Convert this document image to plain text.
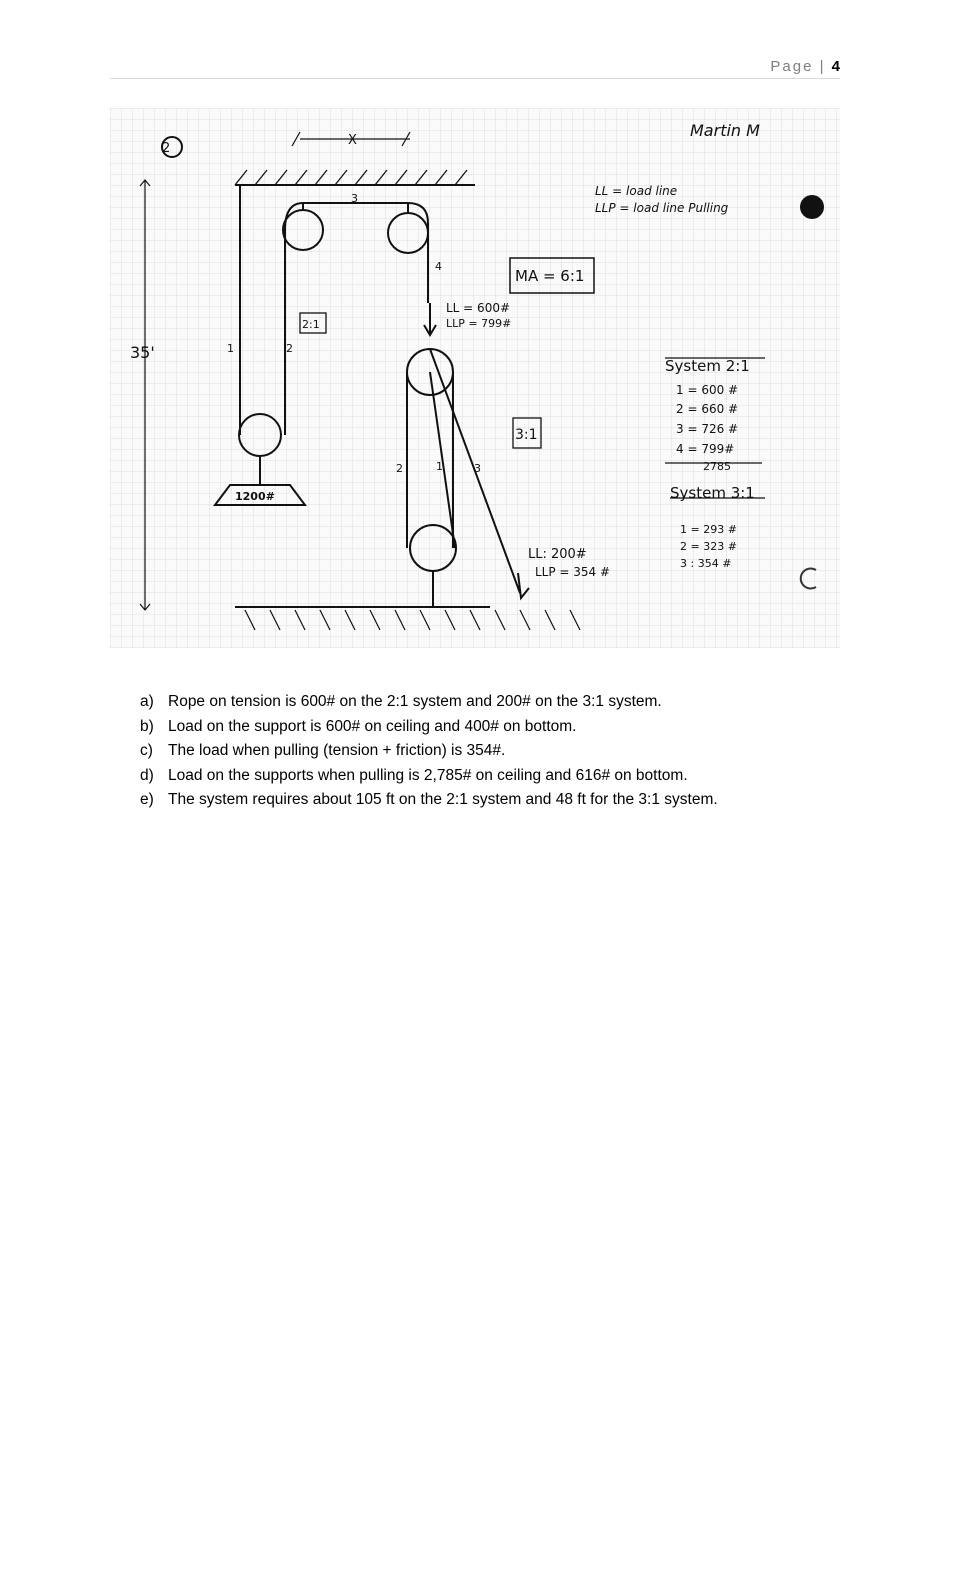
Page | 4
2
X
Martin M
LL = load line
LLP = load line Pulling
35'
MA = 6:1
2:1
3:1
1200#
1	2
3
4
2	1	3
LL = 600#
LLP = 799#
LL: 200#
LLP = 354 #
System 2:1
1 = 600 #
2 = 660 #
3 = 726 #
4 = 799#
2785
System 3:1
1 = 293 #
2 = 323 #
3 : 354 #
a) Rope on tension is 600# on the 2:1 system and 200# on the 3:1 system.
b) Load on the support is 600# on ceiling and 400# on bottom.
c) The load when pulling (tension + friction) is 354#.
d) Load on the supports when pulling is 2,785# on ceiling and 616# on bottom.
e) The system requires about 105 ft on the 2:1 system and 48 ft for the 3:1 system.
